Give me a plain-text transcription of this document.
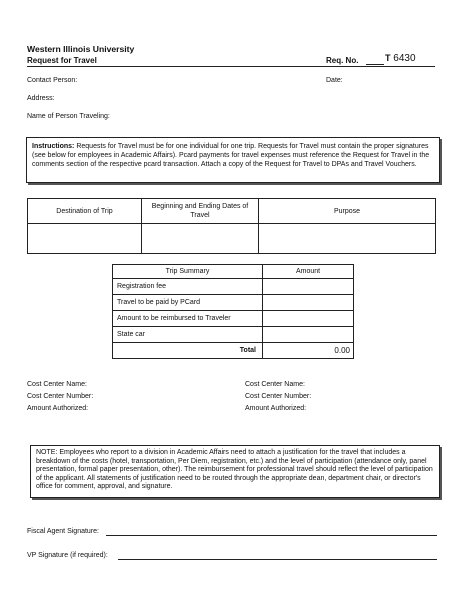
Western Illinois University
Request for Travel	Req. No.	T 6430
Contact Person:	Date:
Address:
Name of Person Traveling:
Instructions: Requests for Travel must be for one individual for one trip. Requests for Travel must contain the proper signatures (see below for employees in Academic Affairs). Pcard payments for travel expenses must reference the Request for Travel in the comments section of the respective pcard transaction. Attach a copy of the Request for Travel to DPAs and Travel Vouchers.
Destination of Trip	Beginning and Ending Dates of Travel	Purpose

Trip Summary	Amount
Registration fee	
Travel to be paid by PCard	
Amount to be reimbursed to Traveler	
State car	
Total	0.00
Cost Center Name:
Cost Center Number:
Amount Authorized:
Cost Center Name:
Cost Center Number:
Amount Authorized:
NOTE: Employees who report to a division in Academic Affairs need to attach a justification for the travel that includes a breakdown of the costs (hotel, transportation, Per Diem, registration, etc.) and the level of participation (attendance only, panel presentation, formal paper presentation, other). The reimbursement for professional travel should reflect the level of participation of the applicant. All statements of justification need to be routed through the appropriate dean, department chair, or director's office for comment, approval, and signature.
Fiscal Agent Signature:
VP Signature (if required):
